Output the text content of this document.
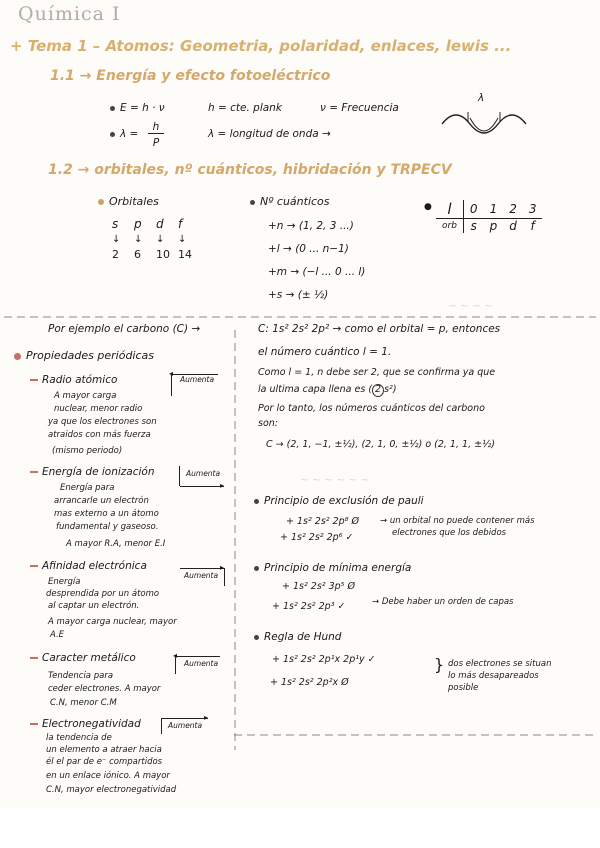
~ ~ ~ ~
~ ~ ~ ~ ~ ~
Química I
+ Tema 1 – Atomos: Geometria, polaridad, enlaces, lewis ...
1.1 → Energía y efecto fotoeléctrico
E = h · ν	h = cte. plank	ν = Frecuencia
λ =
h
P
λ = longitud de onda →
λ
1.2 → orbitales, nº cuánticos, hibridación y TRPECV
Orbitales
s p d f
↓ ↓ ↓ ↓
2 6 10 14
Nº cuánticos
+n → (1, 2, 3 ...)
+l → (0 ... n−1)
+m → (−l ... 0 ... l)
+s → (± ½)
● l	0	1	2	3
orb	s	p	d	f
Por ejemplo el carbono (C) →	C: 1s² 2s² 2p² → como el orbital = p, entonces
el número cuántico l = 1.
Como l = 1, n debe ser 2, que se confirma ya que
la ultima capa llena es ( 2 s²)
Por lo tanto, los números cuánticos del carbono
son:
C → (2, 1, −1, ±½), (2, 1, 0, ±½) o (2, 1, 1, ±½)
Propiedades periódicas
Radio atómico	Aumenta
◂
A mayor carga
nuclear, menor radio
ya que los electrones son
atraidos con más fuerza
(mismo periodo)
Energía de ionización	Aumenta
▸
Energía para
arrancarle un electrón
mas externo a un átomo
fundamental y gaseoso.
A mayor R.A, menor E.I
Afinidad electrónica
Aumenta
▸
Energía
desprendida por un átomo
al captar un electrón.
A mayor carga nuclear, mayor
A.E
Caracter metálico	Aumenta
◂
Tendencia para
ceder electrones. A mayor
C.N, menor C.M
Electronegatividad	Aumenta
▸
la tendencia de
un elemento a atraer hacia
él el par de e⁻ compartidos
en un enlace iónico. A mayor
C.N, mayor electronegatividad
Principio de exclusión de pauli
+ 1s² 2s² 2p⁸ Ø
+ 1s² 2s² 2p⁶ ✓
→ un orbital no puede contener más
electrones que los debidos
Principio de mínima energía
+ 1s² 2s² 3p⁵ Ø
+ 1s² 2s² 2p³ ✓	→ Debe haber un orden de capas
Regla de Hund
+ 1s² 2s² 2p¹x 2p¹y ✓
+ 1s² 2s² 2p²x Ø
} dos electrones se situan
lo más desapareados
posible
